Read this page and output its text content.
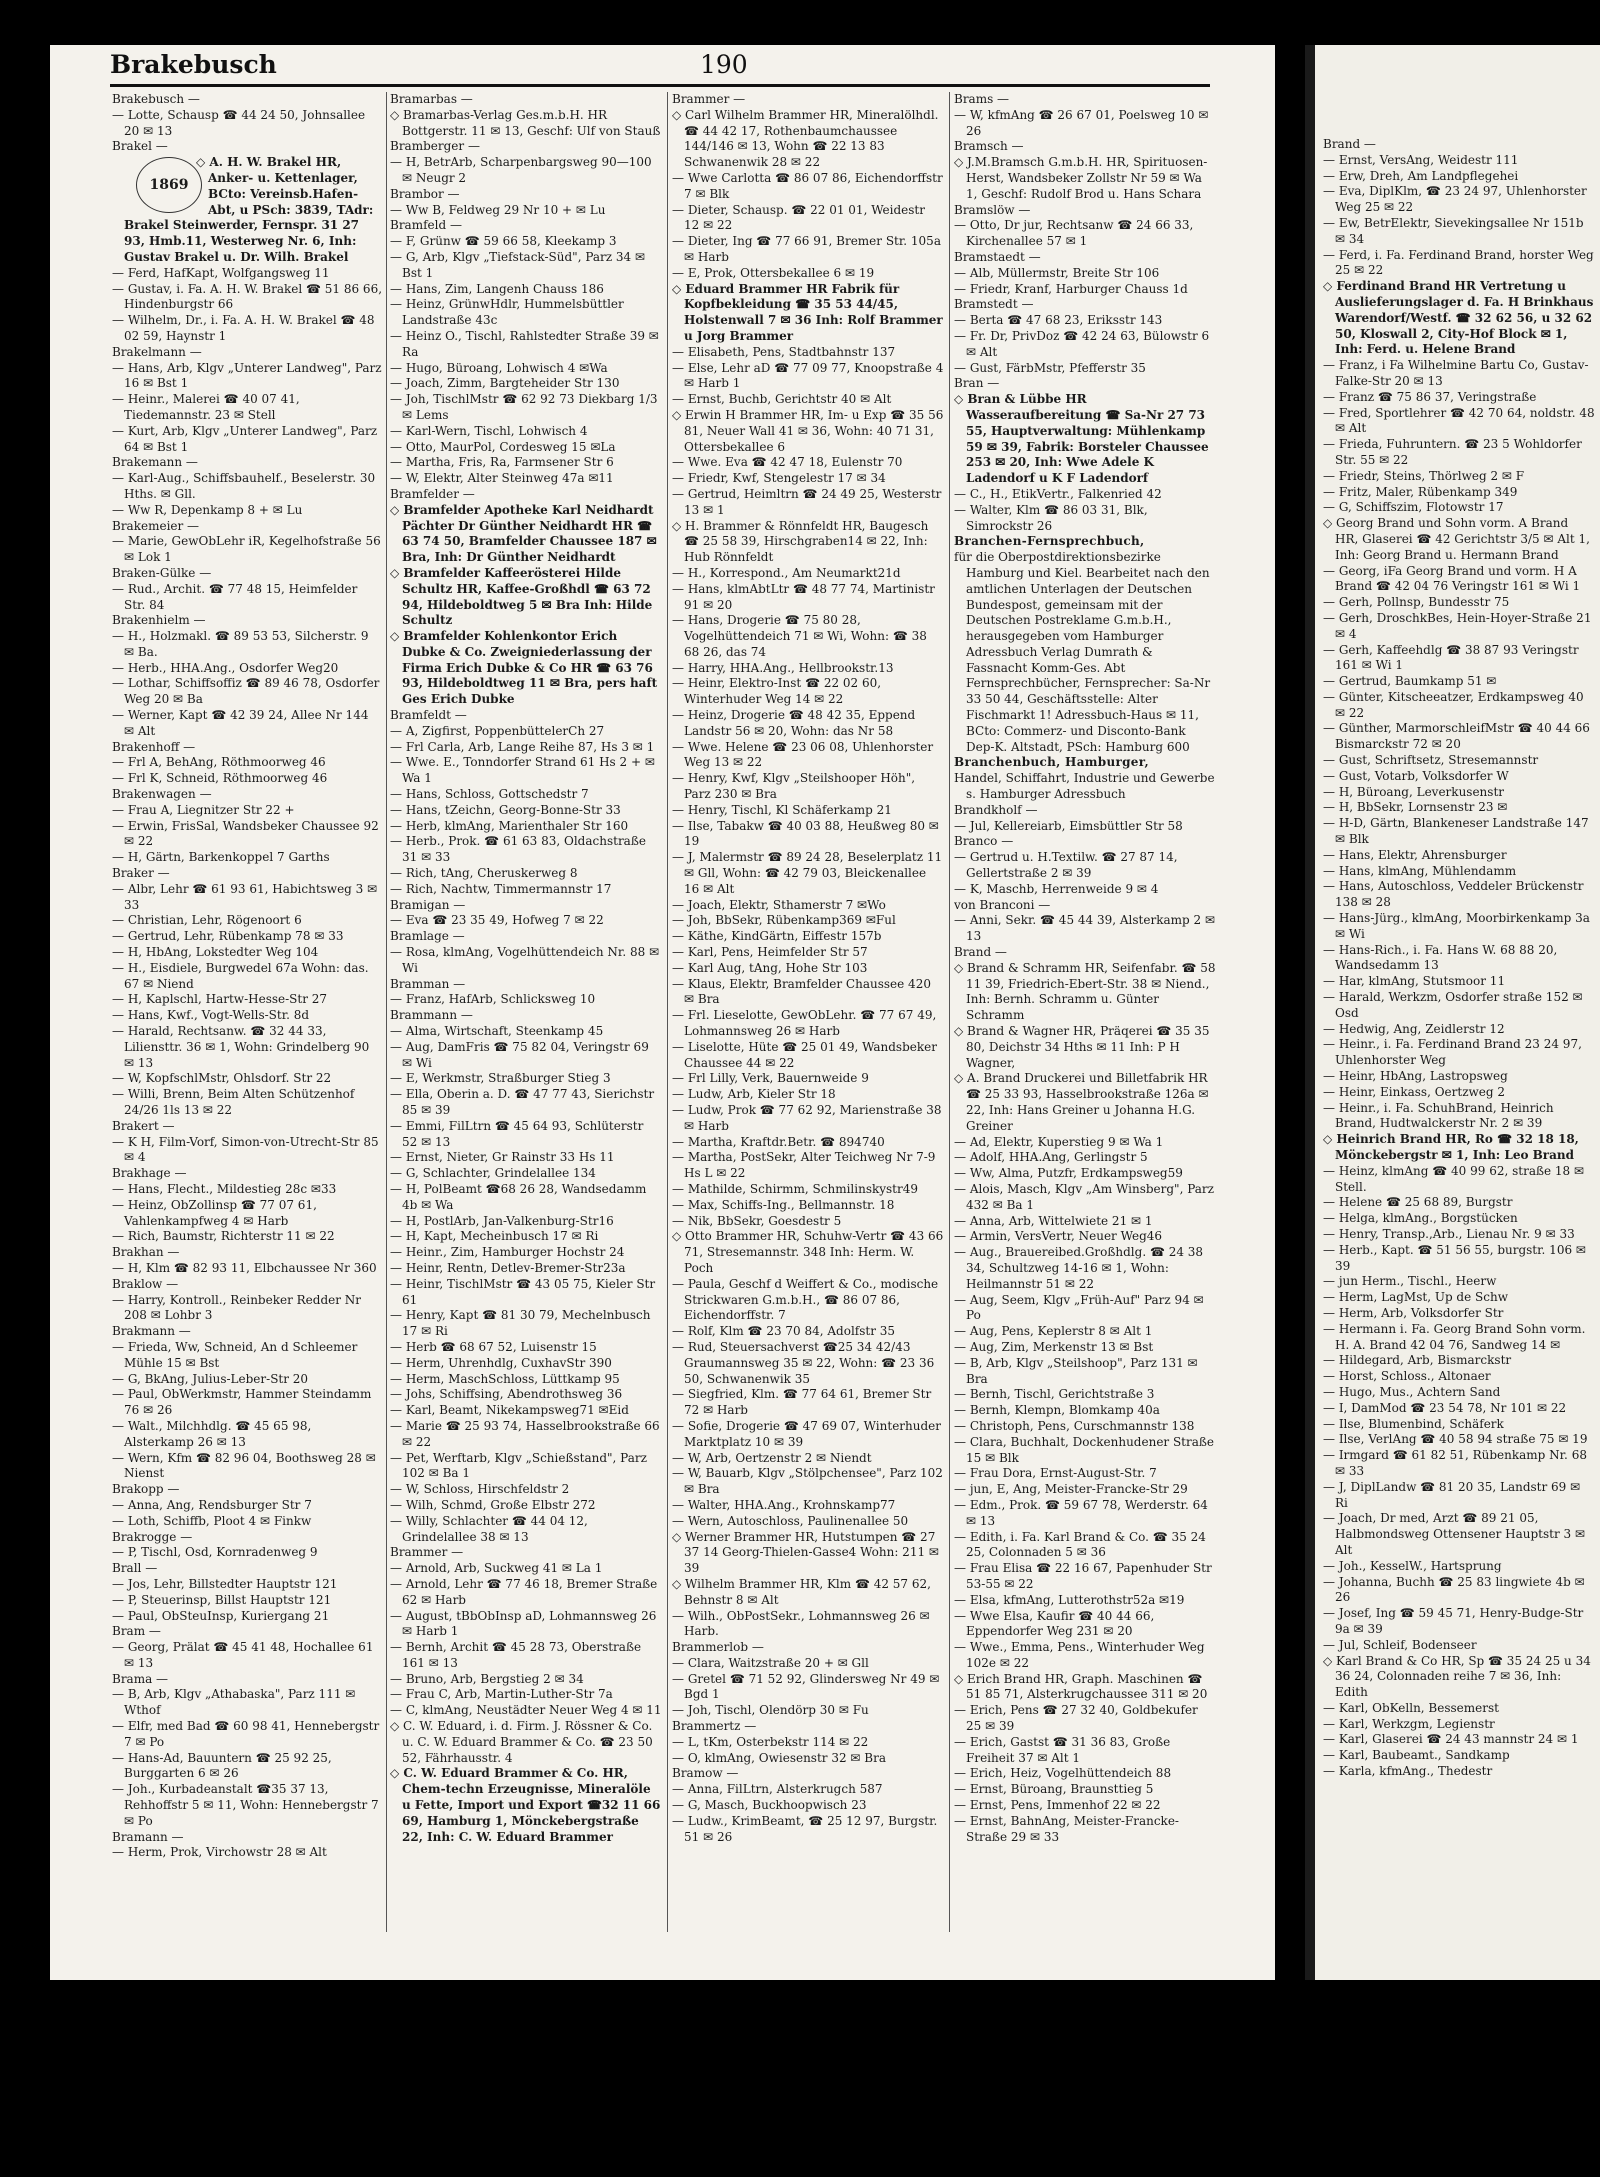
Brakebusch	190

Brakebusch —

— Lotte, Schausp ☎ 44 24 50, Johnsallee 20 ✉ 13

Brakel —

1869
◇ A. H. W. Brakel HR, Anker- u. Kettenlager, BCto: Vereinsb.Hafen-Abt, u PSch: 3839, TAdr: Brakel Steinwerder, Fernspr. 31 27 93, Hmb.11, Westerweg Nr. 6, Inh: Gustav Brakel u. Dr. Wilh. Brakel

— Ferd, HafKapt, Wolfgangsweg 11

— Gustav, i. Fa. A. H. W. Brakel ☎ 51 86 66, Hindenburgstr 66

— Wilhelm, Dr., i. Fa. A. H. W. Brakel ☎ 48 02 59, Haynstr 1

Brakelmann —

— Hans, Arb, Klgv „Unterer Landweg", Parz 16 ✉ Bst 1

— Heinr., Malerei ☎ 40 07 41, Tiedemannstr. 23 ✉ Stell

— Kurt, Arb, Klgv „Unterer Landweg", Parz 64 ✉ Bst 1

Brakemann —

— Karl-Aug., Schiffsbauhelf., Beselerstr. 30 Hths. ✉ Gll.

— Ww R, Depenkamp 8 + ✉ Lu

Brakemeier —

— Marie, GewObLehr iR, Kegelhofstraße 56 ✉ Lok 1

Braken-Gülke —

— Rud., Archit. ☎ 77 48 15, Heimfelder Str. 84

Brakenhielm —

— H., Holzmakl. ☎ 89 53 53, Silcherstr. 9 ✉ Ba.

— Herb., HHA.Ang., Osdorfer Weg20

— Lothar, Schiffsoffiz ☎ 89 46 78, Osdorfer Weg 20 ✉ Ba

— Werner, Kapt ☎ 42 39 24, Allee Nr 144 ✉ Alt

Brakenhoff —

— Frl A, BehAng, Röthmoorweg 46

— Frl K, Schneid, Röthmoorweg 46

Brakenwagen —

— Frau A, Liegnitzer Str 22 +

— Erwin, FrisSal, Wandsbeker Chaussee 92 ✉ 22

— H, Gärtn, Barkenkoppel 7 Garths

Braker —

— Albr, Lehr ☎ 61 93 61, Habichtsweg 3 ✉ 33

— Christian, Lehr, Rögenoort 6

— Gertrud, Lehr, Rübenkamp 78 ✉ 33

— H, HbAng, Lokstedter Weg 104

— H., Eisdiele, Burgwedel 67a Wohn: das. 67 ✉ Niend

— H, Kaplschl, Hartw-Hesse-Str 27

— Hans, Kwf., Vogt-Wells-Str. 8d

— Harald, Rechtsanw. ☎ 32 44 33, Liliensttr. 36 ✉ 1, Wohn: Grindelberg 90 ✉ 13

— W, KopfschlMstr, Ohlsdorf. Str 22

— Willi, Brenn, Beim Alten Schützenhof 24/26 1ls 13 ✉ 22

Brakert —

— K H, Film-Vorf, Simon-von-Utrecht-Str 85 ✉ 4

Brakhage —

— Hans, Flecht., Mildestieg 28c ✉33

— Heinz, ObZollinsp ☎ 77 07 61, Vahlenkampfweg 4 ✉ Harb

— Rich, Baumstr, Richterstr 11 ✉ 22

Brakhan —

— H, Klm ☎ 82 93 11, Elbchaussee Nr 360

Braklow —

— Harry, Kontroll., Reinbeker Redder Nr 208 ✉ Lohbr 3

Brakmann —

— Frieda, Ww, Schneid, An d Schleemer Mühle 15 ✉ Bst

— G, BkAng, Julius-Leber-Str 20

— Paul, ObWerkmstr, Hammer Steindamm 76 ✉ 26

— Walt., Milchhdlg. ☎ 45 65 98, Alsterkamp 26 ✉ 13

— Wern, Kfm ☎ 82 96 04, Boothsweg 28 ✉ Nienst

Brakopp —

— Anna, Ang, Rendsburger Str 7

— Loth, Schiffb, Ploot 4 ✉ Finkw

Brakrogge —

— P, Tischl, Osd, Kornradenweg 9

Brall —

— Jos, Lehr, Billstedter Hauptstr 121

— P, Steuerinsp, Billst Hauptstr 121

— Paul, ObSteuInsp, Kuriergang 21

Bram —

— Georg, Prälat ☎ 45 41 48, Hochallee 61 ✉ 13

Brama —

— B, Arb, Klgv „Athabaska", Parz 111 ✉ Wthof

— Elfr, med Bad ☎ 60 98 41, Hennebergstr 7 ✉ Po

— Hans-Ad, Bauuntern ☎ 25 92 25, Burggarten 6 ✉ 26

— Joh., Kurbadeanstalt ☎35 37 13, Rehhoffstr 5 ✉ 11, Wohn: Hennebergstr 7 ✉ Po

Bramann —

— Herm, Prok, Virchowstr 28 ✉ Alt

Bramarbas —

◇ Bramarbas-Verlag Ges.m.b.H. HR Bottgerstr. 11 ✉ 13, Geschf: Ulf von Stauß

Bramberger —

— H, BetrArb, Scharpenbargsweg 90—100 ✉ Neugr 2

Brambor —

— Ww B, Feldweg 29 Nr 10 + ✉ Lu

Bramfeld —

— F, Grünw ☎ 59 66 58, Kleekamp 3

— G, Arb, Klgv „Tiefstack-Süd", Parz 34 ✉ Bst 1

— Hans, Zim, Langenh Chauss 186

— Heinz, GrünwHdlr, Hummelsbüttler Landstraße 43c

— Heinz O., Tischl, Rahlstedter Straße 39 ✉ Ra

— Hugo, Büroang, Lohwisch 4 ✉Wa

— Joach, Zimm, Bargteheider Str 130

— Joh, TischlMstr ☎ 62 92 73 Diekbarg 1/3 ✉ Lems

— Karl-Wern, Tischl, Lohwisch 4

— Otto, MaurPol, Cordesweg 15 ✉La

— Martha, Fris, Ra, Farmsener Str 6

— W, Elektr, Alter Steinweg 47a ✉11

Bramfelder —

◇ Bramfelder Apotheke Karl Neidhardt Pächter Dr Günther Neidhardt HR ☎ 63 74 50, Bramfelder Chaussee 187 ✉ Bra, Inh: Dr Günther Neidhardt

◇ Bramfelder Kaffeerösterei Hilde Schultz HR, Kaffee-Großhdl ☎ 63 72 94, Hildeboldtweg 5 ✉ Bra Inh: Hilde Schultz

◇ Bramfelder Kohlenkontor Erich Dubke & Co. Zweigniederlassung der Firma Erich Dubke & Co HR ☎ 63 76 93, Hildeboldtweg 11 ✉ Bra, pers haft Ges Erich Dubke

Bramfeldt —

— A, Zigfirst, PoppenbüttelerCh 27

— Frl Carla, Arb, Lange Reihe 87, Hs 3 ✉ 1

— Wwe. E., Tonndorfer Strand 61 Hs 2 + ✉ Wa 1

— Hans, Schloss, Gottschedstr 7

— Hans, tZeichn, Georg-Bonne-Str 33

— Herb, klmAng, Marienthaler Str 160

— Herb., Prok. ☎ 61 63 83, Oldachstraße 31 ✉ 33

— Rich, tAng, Cheruskerweg 8

— Rich, Nachtw, Timmermannstr 17

Bramigan —

— Eva ☎ 23 35 49, Hofweg 7 ✉ 22

Bramlage —

— Rosa, klmAng, Vogelhüttendeich Nr. 88 ✉ Wi

Bramman —

— Franz, HafArb, Schlicksweg 10

Brammann —

— Alma, Wirtschaft, Steenkamp 45

— Aug, DamFris ☎ 75 82 04, Veringstr 69 ✉ Wi

— E, Werkmstr, Straßburger Stieg 3

— Ella, Oberin a. D. ☎ 47 77 43, Sierichstr 85 ✉ 39

— Emmi, FilLtrn ☎ 45 64 93, Schlüterstr 52 ✉ 13

— Ernst, Nieter, Gr Rainstr 33 Hs 11

— G, Schlachter, Grindelallee 134

— H, PolBeamt ☎68 26 28, Wandsedamm 4b ✉ Wa

— H, PostlArb, Jan-Valkenburg-Str16

— H, Kapt, Mecheinbusch 17 ✉ Ri

— Heinr., Zim, Hamburger Hochstr 24

— Heinr, Rentn, Detlev-Bremer-Str23a

— Heinr, TischlMstr ☎ 43 05 75, Kieler Str 61

— Henry, Kapt ☎ 81 30 79, Mechelnbusch 17 ✉ Ri

— Herb ☎ 68 67 52, Luisenstr 15

— Herm, Uhrenhdlg, CuxhavStr 390

— Herm, MaschSchloss, Lüttkamp 95

— Johs, Schiffsing, Abendrothsweg 36

— Karl, Beamt, Nikekampsweg71 ✉Eid

— Marie ☎ 25 93 74, Hasselbrookstraße 66 ✉ 22

— Pet, Werftarb, Klgv „Schießstand", Parz 102 ✉ Ba 1

— W, Schloss, Hirschfeldstr 2

— Wilh, Schmd, Große Elbstr 272

— Willy, Schlachter ☎ 44 04 12, Grindelallee 38 ✉ 13

Brammer —

— Arnold, Arb, Suckweg 41 ✉ La 1

— Arnold, Lehr ☎ 77 46 18, Bremer Straße 62 ✉ Harb

— August, tBbObInsp aD, Lohmannsweg 26 ✉ Harb 1

— Bernh, Archit ☎ 45 28 73, Oberstraße 161 ✉ 13

— Bruno, Arb, Bergstieg 2 ✉ 34

— Frau C, Arb, Martin-Luther-Str 7a

— C, klmAng, Neustädter Neuer Weg 4 ✉ 11

◇ C. W. Eduard, i. d. Firm. J. Rössner & Co. u. C. W. Eduard Brammer & Co. ☎ 23 50 52, Fährhausstr. 4

◇ C. W. Eduard Brammer & Co. HR, Chem-techn Erzeugnisse, Mineralöle u Fette, Import und Export ☎32 11 66 69, Hamburg 1, Mönckebergstraße 22, Inh: C. W. Eduard Brammer

Brammer —

◇ Carl Wilhelm Brammer HR, Mineralölhdl. ☎ 44 42 17, Rothenbaumchaussee 144/146 ✉ 13, Wohn ☎ 22 13 83 Schwanenwik 28 ✉ 22

— Wwe Carlotta ☎ 86 07 86, Eichendorffstr 7 ✉ Blk

— Dieter, Schausp. ☎ 22 01 01, Weidestr 12 ✉ 22

— Dieter, Ing ☎ 77 66 91, Bremer Str. 105a ✉ Harb

— E, Prok, Ottersbekallee 6 ✉ 19

◇ Eduard Brammer HR Fabrik für Kopfbekleidung ☎ 35 53 44/45, Holstenwall 7 ✉ 36 Inh: Rolf Brammer u Jorg Brammer

— Elisabeth, Pens, Stadtbahnstr 137

— Else, Lehr aD ☎ 77 09 77, Knoopstraße 4 ✉ Harb 1

— Ernst, Buchb, Gerichtstr 40 ✉ Alt

◇ Erwin H Brammer HR, Im- u Exp ☎ 35 56 81, Neuer Wall 41 ✉ 36, Wohn: 40 71 31, Ottersbekallee 6

— Wwe. Eva ☎ 42 47 18, Eulenstr 70

— Friedr, Kwf, Stengelestr 17 ✉ 34

— Gertrud, Heimltrn ☎ 24 49 25, Westerstr 13 ✉ 1

◇ H. Brammer & Rönnfeldt HR, Baugesch ☎ 25 58 39, Hirschgraben14 ✉ 22, Inh: Hub Rönnfeldt

— H., Korrespond., Am Neumarkt21d

— Hans, klmAbtLtr ☎ 48 77 74, Martinistr 91 ✉ 20

— Hans, Drogerie ☎ 75 80 28, Vogelhüttendeich 71 ✉ Wi, Wohn: ☎ 38 68 26, das 74

— Harry, HHA.Ang., Hellbrookstr.13

— Heinr, Elektro-Inst ☎ 22 02 60, Winterhuder Weg 14 ✉ 22

— Heinz, Drogerie ☎ 48 42 35, Eppend Landstr 56 ✉ 20, Wohn: das Nr 58

— Wwe. Helene ☎ 23 06 08, Uhlenhorster Weg 13 ✉ 22

— Henry, Kwf, Klgv „Steilshooper Höh", Parz 230 ✉ Bra

— Henry, Tischl, Kl Schäferkamp 21

— Ilse, Tabakw ☎ 40 03 88, Heußweg 80 ✉ 19

— J, Malermstr ☎ 89 24 28, Beselerplatz 11 ✉ Gll, Wohn: ☎ 42 79 03, Bleickenallee 16 ✉ Alt

— Joach, Elektr, Sthamerstr 7 ✉Wo

— Joh, BbSekr, Rübenkamp369 ✉Ful

— Käthe, KindGärtn, Eiffestr 157b

— Karl, Pens, Heimfelder Str 57

— Karl Aug, tAng, Hohe Str 103

— Klaus, Elektr, Bramfelder Chaussee 420 ✉ Bra

— Frl. Lieselotte, GewObLehr. ☎ 77 67 49, Lohmannsweg 26 ✉ Harb

— Liselotte, Hüte ☎ 25 01 49, Wandsbeker Chaussee 44 ✉ 22

— Frl Lilly, Verk, Bauernweide 9

— Ludw, Arb, Kieler Str 18

— Ludw, Prok ☎ 77 62 92, Marienstraße 38 ✉ Harb

— Martha, Kraftdr.Betr. ☎ 894740

— Martha, PostSekr, Alter Teichweg Nr 7-9 Hs L ✉ 22

— Mathilde, Schirmm, Schmilinskystr49

— Max, Schiffs-Ing., Bellmannstr. 18

— Nik, BbSekr, Goesdestr 5

◇ Otto Brammer HR, Schuhw-Vertr ☎ 43 66 71, Stresemannstr. 348 Inh: Herm. W. Poch

— Paula, Geschf d Weiffert & Co., modische Strickwaren G.m.b.H., ☎ 86 07 86, Eichendorffstr. 7

— Rolf, Klm ☎ 23 70 84, Adolfstr 35

— Rud, Steuersachverst ☎25 34 42/43 Graumannsweg 35 ✉ 22, Wohn: ☎ 23 36 50, Schwanenwik 35

— Siegfried, Klm. ☎ 77 64 61, Bremer Str 72 ✉ Harb

— Sofie, Drogerie ☎ 47 69 07, Winterhuder Marktplatz 10 ✉ 39

— W, Arb, Oertzenstr 2 ✉ Niendt

— W, Bauarb, Klgv „Stölpchensee", Parz 102 ✉ Bra

— Walter, HHA.Ang., Krohnskamp77

— Wern, Autoschloss, Paulinenallee 50

◇ Werner Brammer HR, Hutstumpen ☎ 27 37 14 Georg-Thielen-Gasse4 Wohn: 211 ✉ 39

◇ Wilhelm Brammer HR, Klm ☎ 42 57 62, Behnstr 8 ✉ Alt

— Wilh., ObPostSekr., Lohmannsweg 26 ✉ Harb.

Brammerlob —

— Clara, Waitzstraße 20 + ✉ Gll

— Gretel ☎ 71 52 92, Glindersweg Nr 49 ✉ Bgd 1

— Joh, Tischl, Olendörp 30 ✉ Fu

Brammertz —

— L, tKm, Osterbekstr 114 ✉ 22

— O, klmAng, Owiesenstr 32 ✉ Bra

Bramow —

— Anna, FilLtrn, Alsterkrugch 587

— G, Masch, Buckhoopwisch 23

— Ludw., KrimBeamt, ☎ 25 12 97, Burgstr. 51 ✉ 26

Brams —

— W, kfmAng ☎ 26 67 01, Poelsweg 10 ✉ 26

Bramsch —

◇ J.M.Bramsch G.m.b.H. HR, Spirituosen-Herst, Wandsbeker Zollstr Nr 59 ✉ Wa 1, Geschf: Rudolf Brod u. Hans Schara

Bramslöw —

— Otto, Dr jur, Rechtsanw ☎ 24 66 33, Kirchenallee 57 ✉ 1

Bramstaedt —

— Alb, Müllermstr, Breite Str 106

— Friedr, Kranf, Harburger Chauss 1d

Bramstedt —

— Berta ☎ 47 68 23, Eriksstr 143

— Fr. Dr, PrivDoz ☎ 42 24 63, Bülowstr 6 ✉ Alt

— Gust, FärbMstr, Pfefferstr 35

Bran —

◇ Bran & Lübbe HR Wasseraufbereitung ☎ Sa-Nr 27 73 55, Hauptverwaltung: Mühlenkamp 59 ✉ 39, Fabrik: Borsteler Chaussee 253 ✉ 20, Inh: Wwe Adele K Ladendorf u K F Ladendorf

— C., H., EtikVertr., Falkenried 42

— Walter, Klm ☎ 86 03 31, Blk, Simrockstr 26

Branchen-Fernsprechbuch,

für die Oberpostdirektionsbezirke Hamburg und Kiel. Bearbeitet nach den amtlichen Unterlagen der Deutschen Bundespost, gemeinsam mit der Deutschen Postreklame G.m.b.H., herausgegeben vom Hamburger Adressbuch Verlag Dumrath & Fassnacht Komm-Ges. Abt Fernsprechbücher, Fernsprecher: Sa-Nr 33 50 44, Geschäftsstelle: Alter Fischmarkt 1! Adressbuch-Haus ✉ 11, BCto: Commerz- und Disconto-Bank Dep-K. Altstadt, PSch: Hamburg 600

Branchenbuch, Hamburger,

Handel, Schiffahrt, Industrie und Gewerbe s. Hamburger Adressbuch

Brandkholf —

— Jul, Kellereiarb, Eimsbüttler Str 58

Branco —

— Gertrud u. H.Textilw. ☎ 27 87 14, Gellertstraße 2 ✉ 39

— K, Maschb, Herrenweide 9 ✉ 4

von Branconi —

— Anni, Sekr. ☎ 45 44 39, Alsterkamp 2 ✉ 13

Brand —

◇ Brand & Schramm HR, Seifenfabr. ☎ 58 11 39, Friedrich-Ebert-Str. 38 ✉ Niend., Inh: Bernh. Schramm u. Günter Schramm

◇ Brand & Wagner HR, Präqerei ☎ 35 35 80, Deichstr 34 Hths ✉ 11 Inh: P H Wagner,

◇ A. Brand Druckerei und Billetfabrik HR ☎ 25 33 93, Hasselbrookstraße 126a ✉ 22, Inh: Hans Greiner u Johanna H.G. Greiner

— Ad, Elektr, Kuperstieg 9 ✉ Wa 1

— Adolf, HHA.Ang, Gerlingstr 5

— Ww, Alma, Putzfr, Erdkampsweg59

— Alois, Masch, Klgv „Am Winsberg", Parz 432 ✉ Ba 1

— Anna, Arb, Wittelwiete 21 ✉ 1

— Armin, VersVertr, Neuer Weg46

— Aug., Brauereibed.Großhdlg. ☎ 24 38 34, Schultzweg 14-16 ✉ 1, Wohn: Heilmannstr 51 ✉ 22

— Aug, Seem, Klgv „Früh-Auf" Parz 94 ✉ Po

— Aug, Pens, Keplerstr 8 ✉ Alt 1

— Aug, Zim, Merkenstr 13 ✉ Bst

— B, Arb, Klgv „Steilshoop", Parz 131 ✉ Bra

— Bernh, Tischl, Gerichtstraße 3

— Bernh, Klempn, Blomkamp 40a

— Christoph, Pens, Curschmannstr 138

— Clara, Buchhalt, Dockenhudener Straße 15 ✉ Blk

— Frau Dora, Ernst-August-Str. 7

— jun, E, Ang, Meister-Francke-Str 29

— Edm., Prok. ☎ 59 67 78, Werderstr. 64 ✉ 13

— Edith, i. Fa. Karl Brand & Co. ☎ 35 24 25, Colonnaden 5 ✉ 36

— Frau Elisa ☎ 22 16 67, Papenhuder Str 53-55 ✉ 22

— Elsa, kfmAng, Lutterothstr52a ✉19

— Wwe Elsa, Kaufir ☎ 40 44 66, Eppendorfer Weg 231 ✉ 20

— Wwe., Emma, Pens., Winterhuder Weg 102e ✉ 22

◇ Erich Brand HR, Graph. Maschinen ☎ 51 85 71, Alsterkrugchaussee 311 ✉ 20

— Erich, Pens ☎ 27 32 40, Goldbekufer 25 ✉ 39

— Erich, Gastst ☎ 31 36 83, Große Freiheit 37 ✉ Alt 1

— Erich, Heiz, Vogelhüttendeich 88

— Ernst, Büroang, Braunsttieg 5

— Ernst, Pens, Immenhof 22 ✉ 22

— Ernst, BahnAng, Meister-Francke-Straße 29 ✉ 33

Brand —

— Ernst, VersAng, Weidestr 111

— Erw, Dreh, Am Landpflegehei

— Eva, DiplKlm, ☎ 23 24 97, Uhlenhorster Weg 25 ✉ 22

— Ew, BetrElektr, Sievekingsallee Nr 151b ✉ 34

— Ferd, i. Fa. Ferdinand Brand, horster Weg 25 ✉ 22

◇ Ferdinand Brand HR Vertretung u Auslieferungslager d. Fa. H Brinkhaus Warendorf/Westf. ☎ 32 62 56, u 32 62 50, Kloswall 2, City-Hof Block ✉ 1, Inh: Ferd. u. Helene Brand

— Franz, i Fa Wilhelmine Bartu Co, Gustav-Falke-Str 20 ✉ 13

— Franz ☎ 75 86 37, Veringstraße

— Fred, Sportlehrer ☎ 42 70 64, noldstr. 48 ✉ Alt

— Frieda, Fuhruntern. ☎ 23 5 Wohldorfer Str. 55 ✉ 22

— Friedr, Steins, Thörlweg 2 ✉ F

— Fritz, Maler, Rübenkamp 349

— G, Schiffszim, Flotowstr 17

◇ Georg Brand und Sohn vorm. A Brand HR, Glaserei ☎ 42 Gerichtstr 3/5 ✉ Alt 1, Inh: Georg Brand u. Hermann Brand

— Georg, iFa Georg Brand und vorm. H A Brand ☎ 42 04 76 Veringstr 161 ✉ Wi 1

— Gerh, Pollnsp, Bundesstr 75

— Gerh, DroschkBes, Hein-Hoyer-Straße 21 ✉ 4

— Gerh, Kaffeehdlg ☎ 38 87 93 Veringstr 161 ✉ Wi 1

— Gertrud, Baumkamp 51 ✉

— Günter, Kitscheeatzer, Erdkampsweg 40 ✉ 22

— Günther, MarmorschleifMstr ☎ 40 44 66 Bismarckstr 72 ✉ 20

— Gust, Schriftsetz, Stresemannstr

— Gust, Votarb, Volksdorfer W

— H, Büroang, Leverkusenstr

— H, BbSekr, Lornsenstr 23 ✉

— H-D, Gärtn, Blankeneser Landstraße 147 ✉ Blk

— Hans, Elektr, Ahrensburger

— Hans, klmAng, Mühlendamm

— Hans, Autoschloss, Veddeler Brückenstr 138 ✉ 28

— Hans-Jürg., klmAng, Moorbirkenkamp 3a ✉ Wi

— Hans-Rich., i. Fa. Hans W. 68 88 20, Wandsedamm 13

— Har, klmAng, Stutsmoor 11

— Harald, Werkzm, Osdorfer straße 152 ✉ Osd

— Hedwig, Ang, Zeidlerstr 12

— Heinr., i. Fa. Ferdinand Brand 23 24 97, Uhlenhorster Weg

— Heinr, HbAng, Lastropsweg

— Heinr, Einkass, Oertzweg 2

— Heinr., i. Fa. SchuhBrand, Heinrich Brand, Hudtwalckerstr Nr. 2 ✉ 39

◇ Heinrich Brand HR, Ro ☎ 32 18 18, Mönckebergstr ✉ 1, Inh: Leo Brand

— Heinz, klmAng ☎ 40 99 62, straße 18 ✉ Stell.

— Helene ☎ 25 68 89, Burgstr

— Helga, klmAng., Borgstücken

— Henry, Transp.,Arb., Lienau Nr. 9 ✉ 33

— Herb., Kapt. ☎ 51 56 55, burgstr. 106 ✉ 39

— jun Herm., Tischl., Heerw

— Herm, LagMst, Up de Schw

— Herm, Arb, Volksdorfer Str

— Hermann i. Fa. Georg Brand Sohn vorm. H. A. Brand 42 04 76, Sandweg 14 ✉

— Hildegard, Arb, Bismarckstr

— Horst, Schloss., Altonaer

— Hugo, Mus., Achtern Sand

— I, DamMod ☎ 23 54 78, Nr 101 ✉ 22

— Ilse, Blumenbind, Schäferk

— Ilse, VerlAng ☎ 40 58 94 straße 75 ✉ 19

— Irmgard ☎ 61 82 51, Rübenkamp Nr. 68 ✉ 33

— J, DiplLandw ☎ 81 20 35, Landstr 69 ✉ Ri

— Joach, Dr med, Arzt ☎ 89 21 05, Halbmondsweg Ottensener Hauptstr 3 ✉ Alt

— Joh., KesselW., Hartsprung

— Johanna, Buchh ☎ 25 83 lingwiete 4b ✉ 26

— Josef, Ing ☎ 59 45 71, Henry-Budge-Str 9a ✉ 39

— Jul, Schleif, Bodenseer

◇ Karl Brand & Co HR, Sp ☎ 35 24 25 u 34 36 24, Colonnaden reihe 7 ✉ 36, Inh: Edith

— Karl, ObKelln, Bessemerst

— Karl, Werkzgm, Legienstr

— Karl, Glaserei ☎ 24 43 mannstr 24 ✉ 1

— Karl, Baubeamt., Sandkamp

— Karla, kfmAng., Thedestr
